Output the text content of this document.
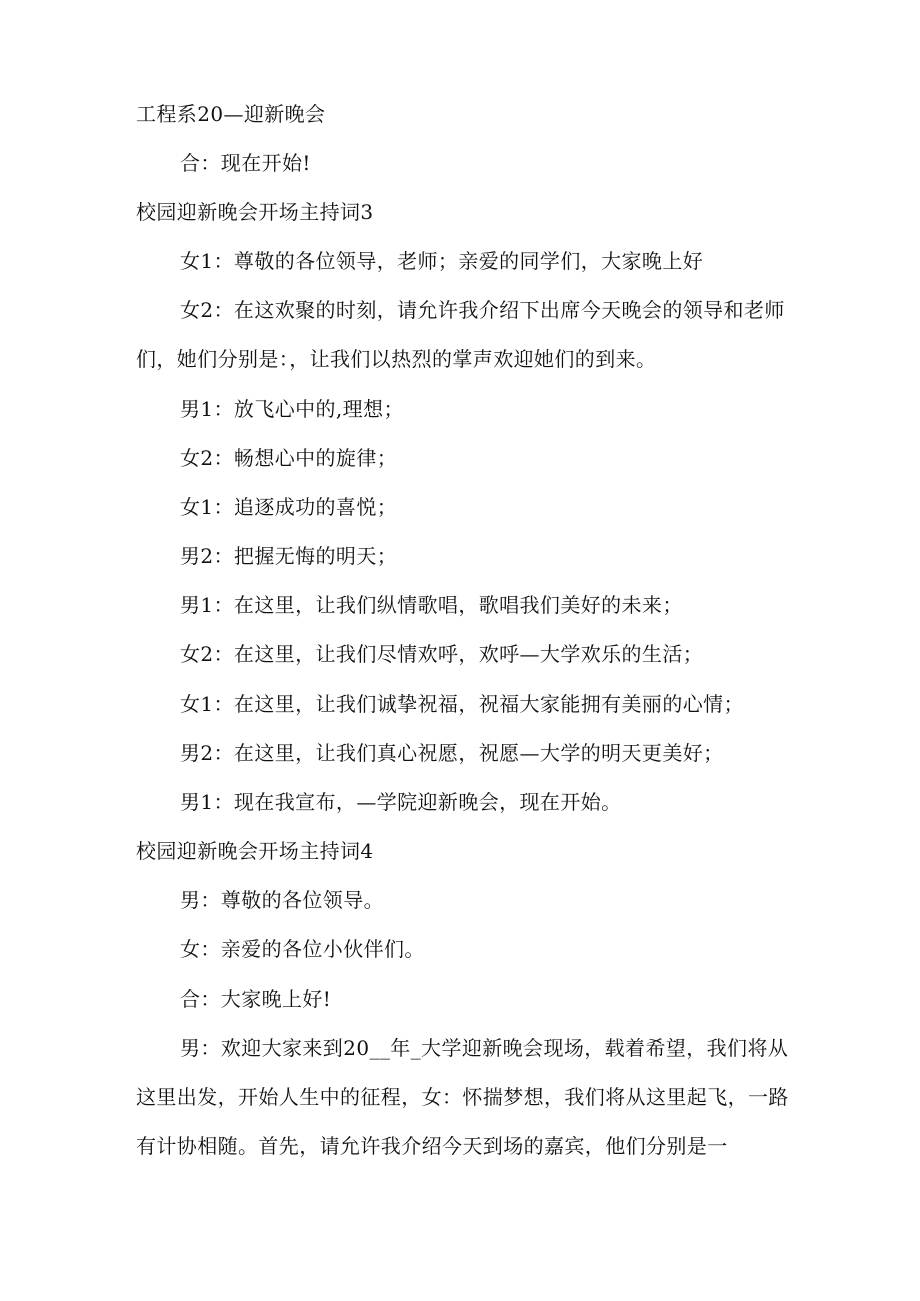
工程系20—迎新晚会
合：现在开始!
校园迎新晚会开场主持词3
女1：尊敬的各位领导，老师；亲爱的同学们，大家晚上好
女2：在这欢聚的时刻，请允许我介绍下出席今天晚会的领导和老师
们，她们分别是：，让我们以热烈的掌声欢迎她们的到来。
男1：放飞心中的,理想；
女2：畅想心中的旋律；
女1：追逐成功的喜悦；
男2：把握无悔的明天；
男1：在这里，让我们纵情歌唱，歌唱我们美好的未来；
女2：在这里，让我们尽情欢呼，欢呼—大学欢乐的生活；
女1：在这里，让我们诚挚祝福，祝福大家能拥有美丽的心情；
男2：在这里，让我们真心祝愿，祝愿—大学的明天更美好；
男1：现在我宣布，—学院迎新晚会，现在开始。
校园迎新晚会开场主持词4
男：尊敬的各位领导。
女：亲爱的各位小伙伴们。
合：大家晚上好!
男：欢迎大家来到20__年_大学迎新晚会现场，载着希望，我们将从
这里出发，开始人生中的征程，女：怀揣梦想，我们将从这里起飞，一路
有计协相随。首先，请允许我介绍今天到场的嘉宾，他们分别是一
